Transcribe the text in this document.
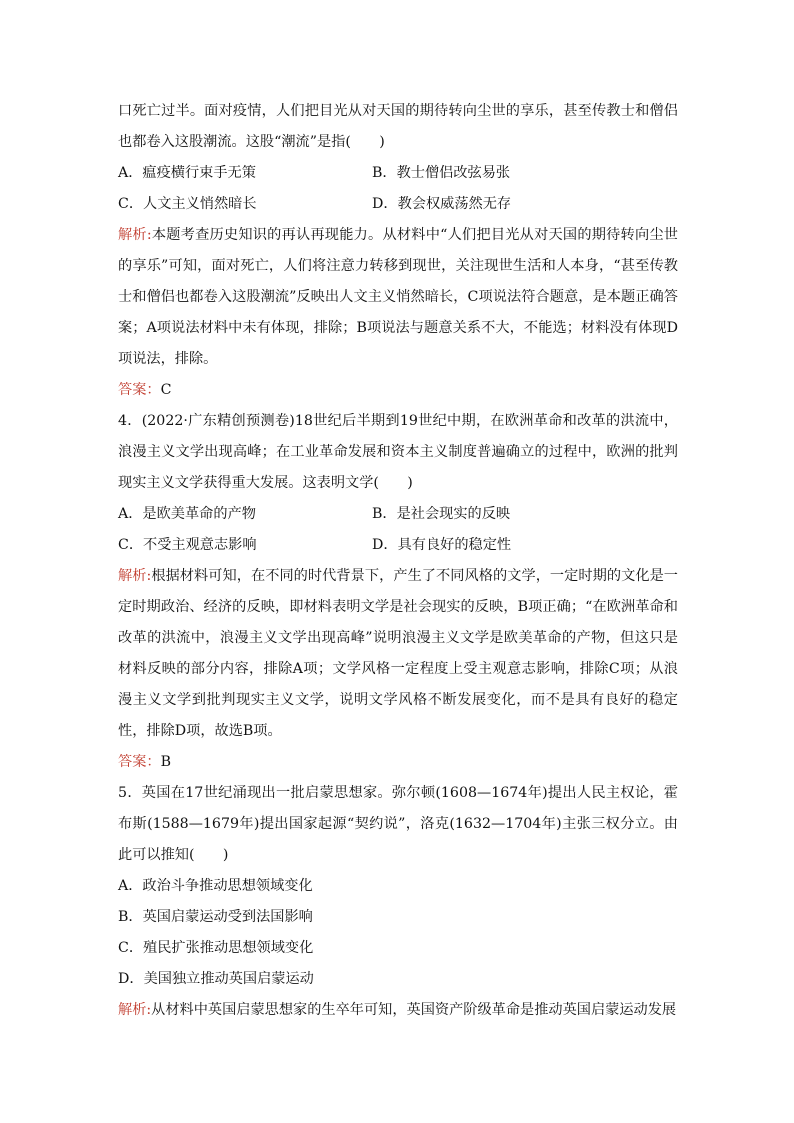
口死亡过半。面对疫情，人们把目光从对天国的期待转向尘世的享乐，甚至传教士和僧侣也都卷入这股潮流。这股“潮流”是指(　　)

A．瘟疫横行束手无策	B．教士僧侣改弦易张
C．人文主义悄然暗长	D．教会权威荡然无存

解析:本题考查历史知识的再认再现能力。从材料中“人们把目光从对天国的期待转向尘世的享乐”可知，面对死亡，人们将注意力转移到现世，关注现世生活和人本身，“甚至传教士和僧侣也都卷入这股潮流”反映出人文主义悄然暗长，C项说法符合题意，是本题正确答案；A项说法材料中未有体现，排除；B项说法与题意关系不大，不能选；材料没有体现D项说法，排除。

答案：C

4．(2022·广东精创预测卷)18世纪后半期到19世纪中期，在欧洲革命和改革的洪流中，浪漫主义文学出现高峰；在工业革命发展和资本主义制度普遍确立的过程中，欧洲的批判现实主义文学获得重大发展。这表明文学(　　)

A．是欧美革命的产物	B．是社会现实的反映
C．不受主观意志影响	D．具有良好的稳定性

解析:根据材料可知，在不同的时代背景下，产生了不同风格的文学，一定时期的文化是一定时期政治、经济的反映，即材料表明文学是社会现实的反映，B项正确；“在欧洲革命和改革的洪流中，浪漫主义文学出现高峰”说明浪漫主义文学是欧美革命的产物，但这只是材料反映的部分内容，排除A项；文学风格一定程度上受主观意志影响，排除C项；从浪漫主义文学到批判现实主义文学，说明文学风格不断发展变化，而不是具有良好的稳定性，排除D项，故选B项。

答案：B

5．英国在17世纪涌现出一批启蒙思想家。弥尔顿(1608—1674年)提出人民主权论，霍布斯(1588—1679年)提出国家起源“契约说”，洛克(1632—1704年)主张三权分立。由此可以推知(　　)

A．政治斗争推动思想领域变化

B．英国启蒙运动受到法国影响

C．殖民扩张推动思想领域变化

D．美国独立推动英国启蒙运动

解析:从材料中英国启蒙思想家的生卒年可知，英国资产阶级革命是推动英国启蒙运动发展
